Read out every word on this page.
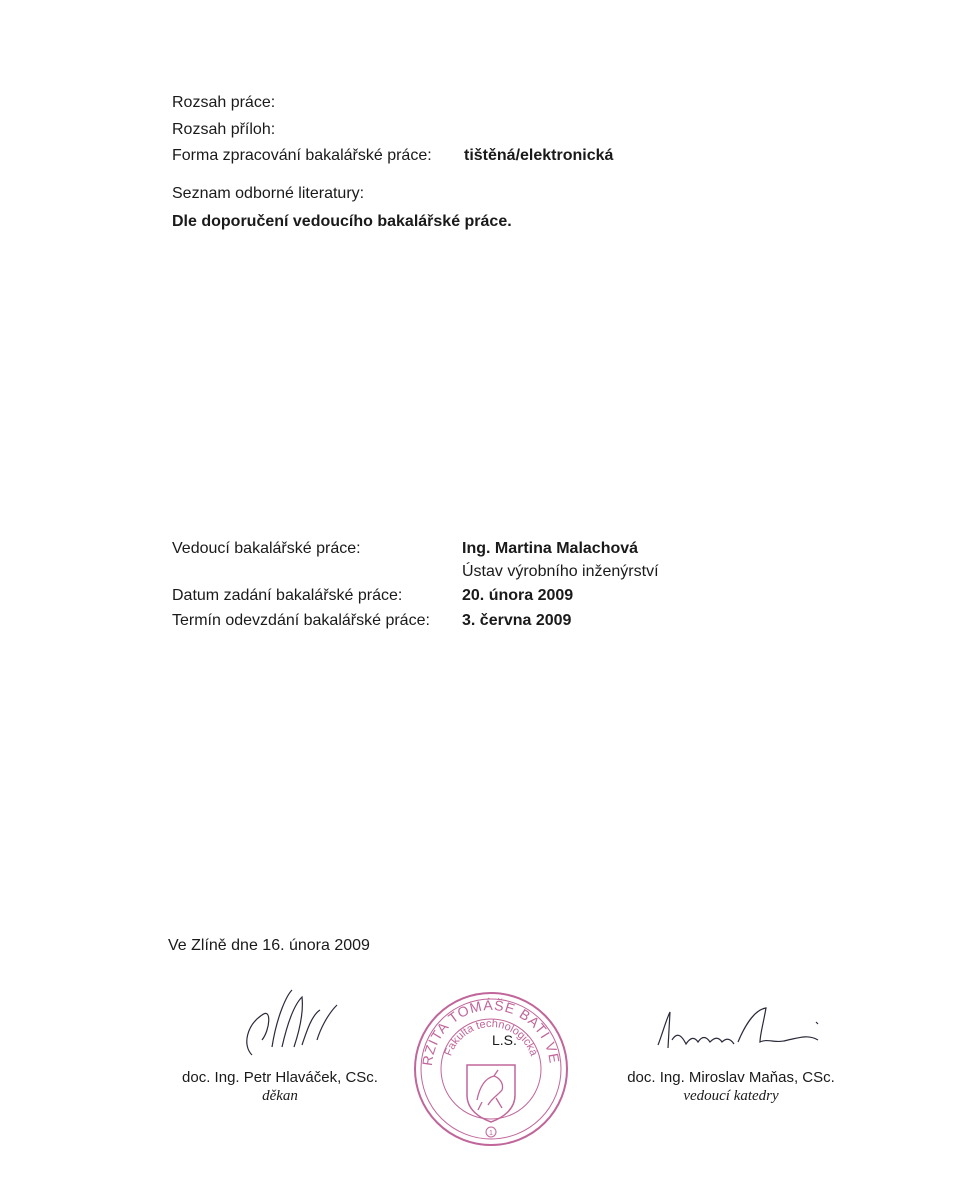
Rozsah práce:
Rozsah příloh:
Forma zpracování bakalářské práce: tištěná/elektronická
Seznam odborné literatury:
Dle doporučení vedoucího bakalářské práce.
Vedoucí bakalářské práce:	Ing. Martina Malachová
Ústav výrobního inženýrství
Datum zadání bakalářské práce:	20. února 2009
Termín odevzdání bakalářské práce: 3. června 2009
Ve Zlíně dne 16. února 2009
doc. Ing. Petr Hlaváček, CSc.
děkan
UNIVERZITA TOMÁŠE BATI VE ZLÍNĚ
Fakulta technologická
1
L.S.
doc. Ing. Miroslav Maňas, CSc.
vedoucí katedry
